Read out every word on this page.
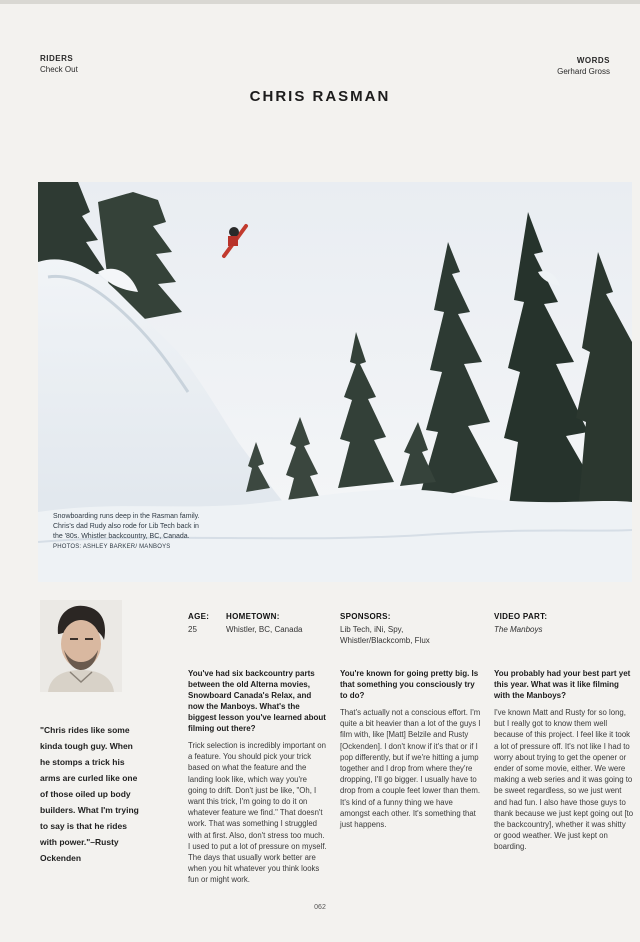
RIDERS
Check Out
WORDS
Gerhard Gross
CHRIS RASMAN
Snowboarding runs deep in the Rasman family. Chris's dad Rudy also rode for Lib Tech back in the '80s. Whistler backcountry, BC, Canada.
PHOTOS: ASHLEY BARKER/ MANBOYS
"Chris rides like some kinda tough guy. When he stomps a trick his arms are curled like one of those oiled up body builders. What I'm trying to say is that he rides with power."–Rusty Ockenden
AGE:
25
HOMETOWN:
Whistler, BC, Canada
SPONSORS:
Lib Tech, iNi, Spy, Whistler/Blackcomb, Flux
VIDEO PART:
The Manboys

You've had six backcountry parts between the old Alterna movies, Snowboard Canada's Relax, and now the Manboys. What's the biggest lesson you've learned about filming out there?

Trick selection is incredibly important on a feature. You should pick your trick based on what the feature and the landing look like, which way you're going to drift. Don't just be like, "Oh, I want this trick, I'm going to do it on whatever feature we find." That doesn't work. That was something I struggled with at first. Also, don't stress too much. I used to put a lot of pressure on myself. The days that usually work better are when you hit whatever you think looks fun or might work.

You're known for going pretty big. Is that something you consciously try to do?

That's actually not a conscious effort. I'm quite a bit heavier than a lot of the guys I film with, like [Matt] Belzile and Rusty [Ockenden]. I don't know if it's that or if I pop differently, but if we're hitting a jump together and I drop from where they're dropping, I'll go bigger. I usually have to drop from a couple feet lower than them. It's kind of a funny thing we have amongst each other. It's something that just happens.

You probably had your best part yet this year. What was it like filming with the Manboys?

I've known Matt and Rusty for so long, but I really got to know them well because of this project. I feel like it took a lot of pressure off. It's not like I had to worry about trying to get the opener or ender of some movie, either. We were making a web series and it was going to be sweet regardless, so we just went and had fun. I also have those guys to thank because we just kept going out [to the backcountry], whether it was shitty or good weather. We just kept on boarding.

062
